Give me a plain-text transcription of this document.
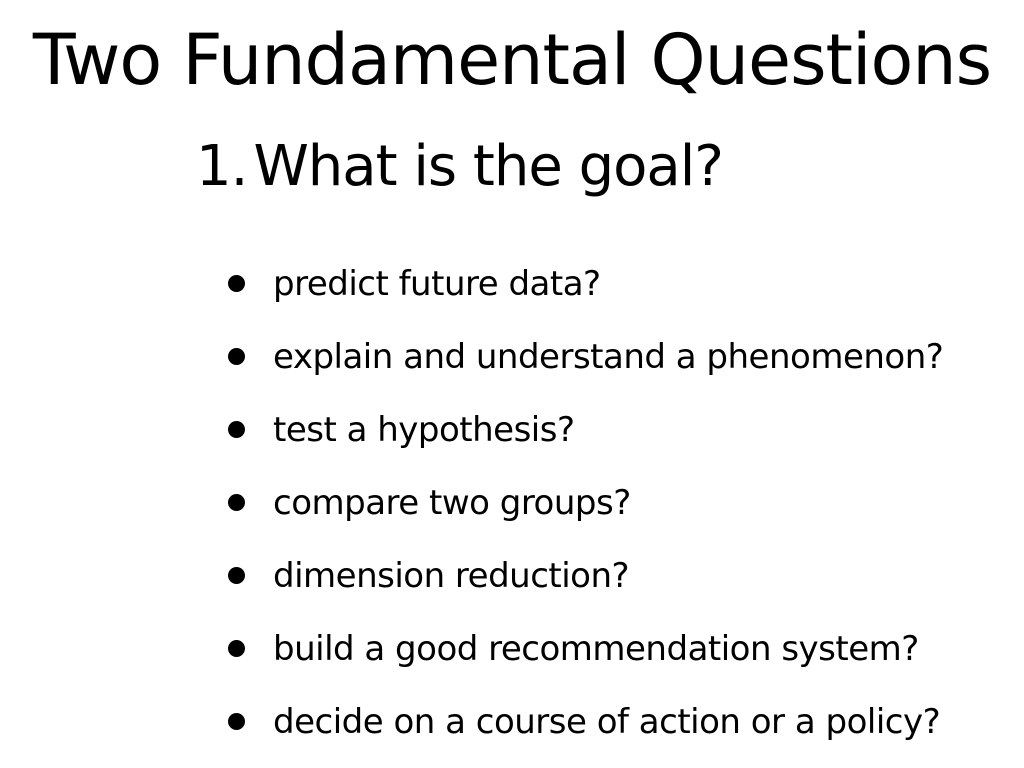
Two Fundamental Questions
1. What is the goal?
predict future data?
explain and understand a phenomenon?
test a hypothesis?
compare two groups?
dimension reduction?
build a good recommendation system?
decide on a course of action or a policy?
